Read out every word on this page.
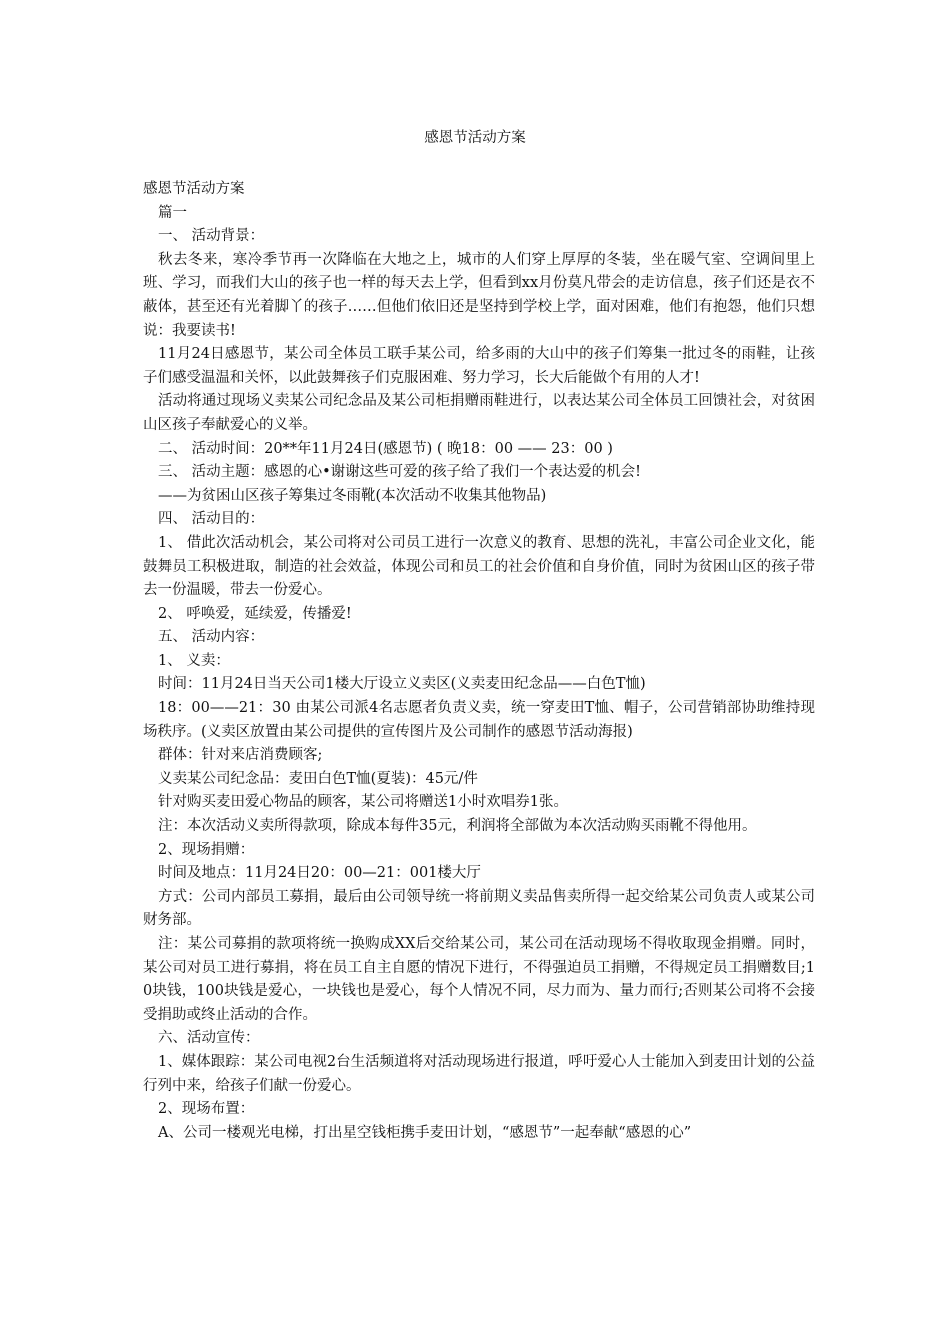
感恩节活动方案

感恩节活动方案

篇一

一、 活动背景：

秋去冬来，寒冷季节再一次降临在大地之上，城市的人们穿上厚厚的冬装，坐在暖气室、空调间里上班、学习，而我们大山的孩子也一样的每天去上学，但看到xx月份莫凡带会的走访信息，孩子们还是衣不蔽体，甚至还有光着脚丫的孩子……但他们依旧还是坚持到学校上学，面对困难，他们有抱怨，他们只想说：我要读书!

11月24日感恩节，某公司全体员工联手某公司，给多雨的大山中的孩子们筹集一批过冬的雨鞋，让孩子们感受温温和关怀，以此鼓舞孩子们克服困难、努力学习，长大后能做个有用的人才!

活动将通过现场义卖某公司纪念品及某公司柜捐赠雨鞋进行，以表达某公司全体员工回馈社会，对贫困山区孩子奉献爱心的义举。

二、 活动时间：20**年11月24日(感恩节) ( 晚18：00 —— 23：00 )

三、 活动主题：感恩的心•谢谢这些可爱的孩子给了我们一个表达爱的机会!

——为贫困山区孩子筹集过冬雨靴(本次活动不收集其他物品)

四、 活动目的：

1、 借此次活动机会，某公司将对公司员工进行一次意义的教育、思想的洗礼，丰富公司企业文化，能鼓舞员工积极进取，制造的社会效益，体现公司和员工的社会价值和自身价值，同时为贫困山区的孩子带去一份温暖，带去一份爱心。

2、 呼唤爱，延续爱，传播爱!

五、 活动内容：

1、 义卖：

时间：11月24日当天公司1楼大厅设立义卖区(义卖麦田纪念品——白色T恤)

18：00——21：30 由某公司派4名志愿者负责义卖，统一穿麦田T恤、帽子，公司营销部协助维持现场秩序。(义卖区放置由某公司提供的宣传图片及公司制作的感恩节活动海报)

群体：针对来店消费顾客;

义卖某公司纪念品：麦田白色T恤(夏装)：45元/件

针对购买麦田爱心物品的顾客，某公司将赠送1小时欢唱券1张。

注：本次活动义卖所得款项，除成本每件35元，利润将全部做为本次活动购买雨靴不得他用。

2、现场捐赠：

时间及地点：11月24日20：00—21：001楼大厅

方式：公司内部员工募捐，最后由公司领导统一将前期义卖品售卖所得一起交给某公司负责人或某公司财务部。

注：某公司募捐的款项将统一换购成XX后交给某公司，某公司在活动现场不得收取现金捐赠。同时，某公司对员工进行募捐，将在员工自主自愿的情况下进行，不得强迫员工捐赠，不得规定员工捐赠数目;10块钱，100块钱是爱心，一块钱也是爱心，每个人情况不同，尽力而为、量力而行;否则某公司将不会接受捐助或终止活动的合作。

六、活动宣传：

1、媒体跟踪：某公司电视2台生活频道将对活动现场进行报道，呼吁爱心人士能加入到麦田计划的公益行列中来，给孩子们献一份爱心。

2、现场布置：

A、公司一楼观光电梯，打出星空钱柜携手麦田计划，“感恩节”一起奉献“感恩的心”
